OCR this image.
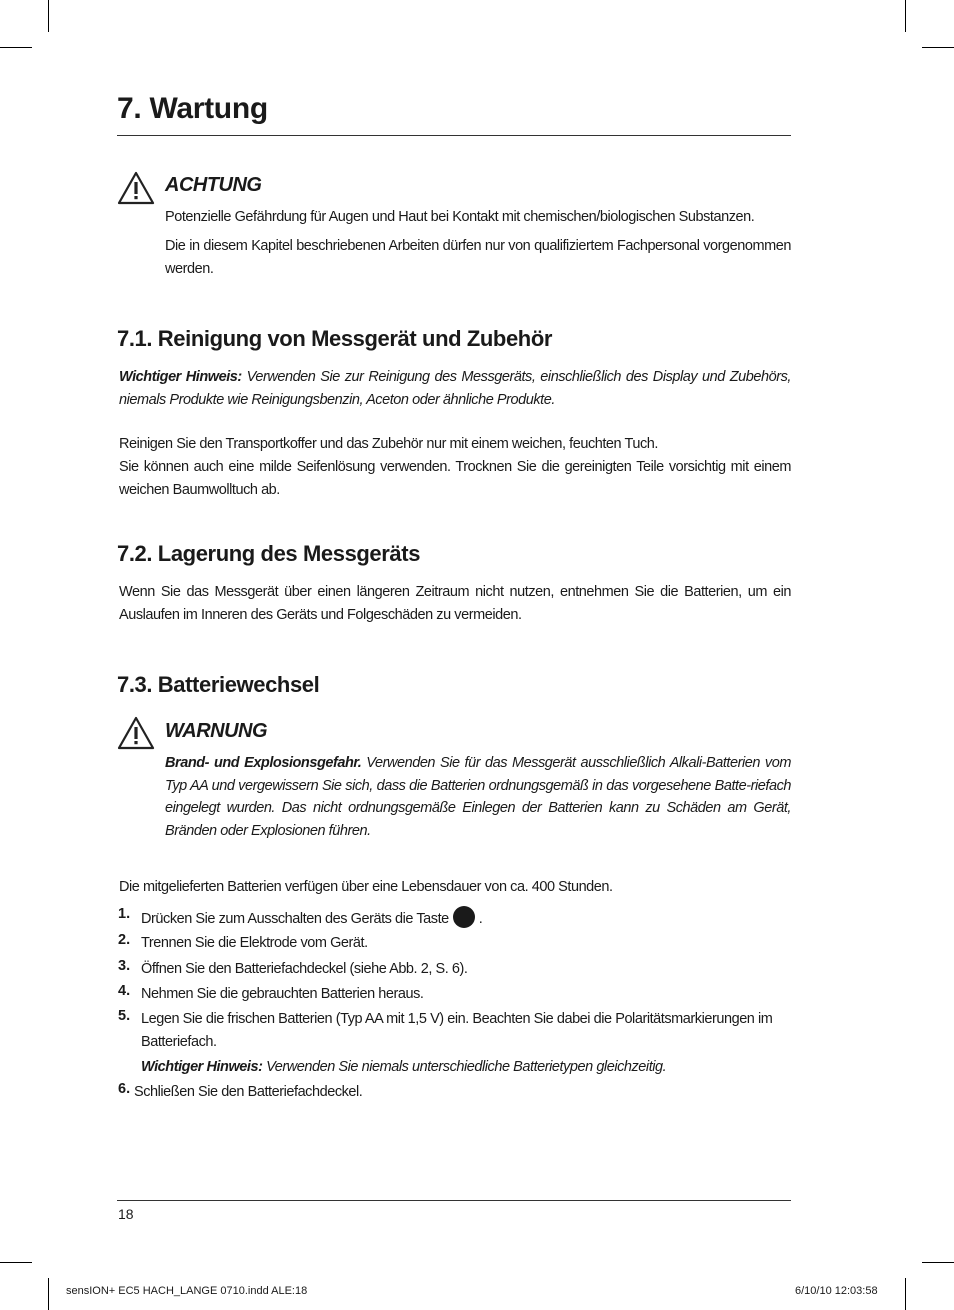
7. Wartung
ACHTUNG

Potenzielle Gefährdung für Augen und Haut bei Kontakt mit chemischen/biologischen Substanzen.

Die in diesem Kapitel beschriebenen Arbeiten dürfen nur von qualifiziertem Fachpersonal vorgenommen werden.

7.1. Reinigung von Messgerät und Zubehör

Wichtiger Hinweis: Verwenden Sie zur Reinigung des Messgeräts, einschließlich des Display und Zubehörs, niemals Produkte wie Reinigungsbenzin, Aceton oder ähnliche Produkte.

Reinigen Sie den Transportkoffer und das Zubehör nur mit einem weichen, feuchten Tuch.

Sie können auch eine milde Seifenlösung verwenden. Trocknen Sie die gereinigten Teile vorsichtig mit einem weichen Baumwolltuch ab.

7.2. Lagerung des Messgeräts

Wenn Sie das Messgerät über einen längeren Zeitraum nicht nutzen, entnehmen Sie die Batterien, um ein Auslaufen im Inneren des Geräts und Folgeschäden zu vermeiden.

7.3. Batteriewechsel
WARNUNG

Brand- und Explosionsgefahr. Verwenden Sie für das Messgerät ausschließlich Alkali-Batterien vom Typ AA und vergewissern Sie sich, dass die Batterien ordnungsgemäß in das vorgesehene Batte-riefach eingelegt wurden. Das nicht ordnungsgemäße Einlegen der Batterien kann zu Schäden am Gerät, Bränden oder Explosionen führen.

Die mitgelieferten Batterien verfügen über eine Lebensdauer von ca. 400 Stunden.

1. Drücken Sie zum Ausschalten des Geräts die Taste .

2. Trennen Sie die Elektrode vom Gerät.

3. Öffnen Sie den Batteriefachdeckel (siehe Abb. 2, S. 6).

4. Nehmen Sie die gebrauchten Batterien heraus.

5. Legen Sie die frischen Batterien (Typ AA mit 1,5 V) ein. Beachten Sie dabei die Polaritätsmarkierungen im Batteriefach.

Wichtiger Hinweis: Verwenden Sie niemals unterschiedliche Batterietypen gleichzeitig.

6. Schließen Sie den Batteriefachdeckel.

18
sensION+ EC5 HACH_LANGE 0710.indd ALE:18	6/10/10 12:03:58
